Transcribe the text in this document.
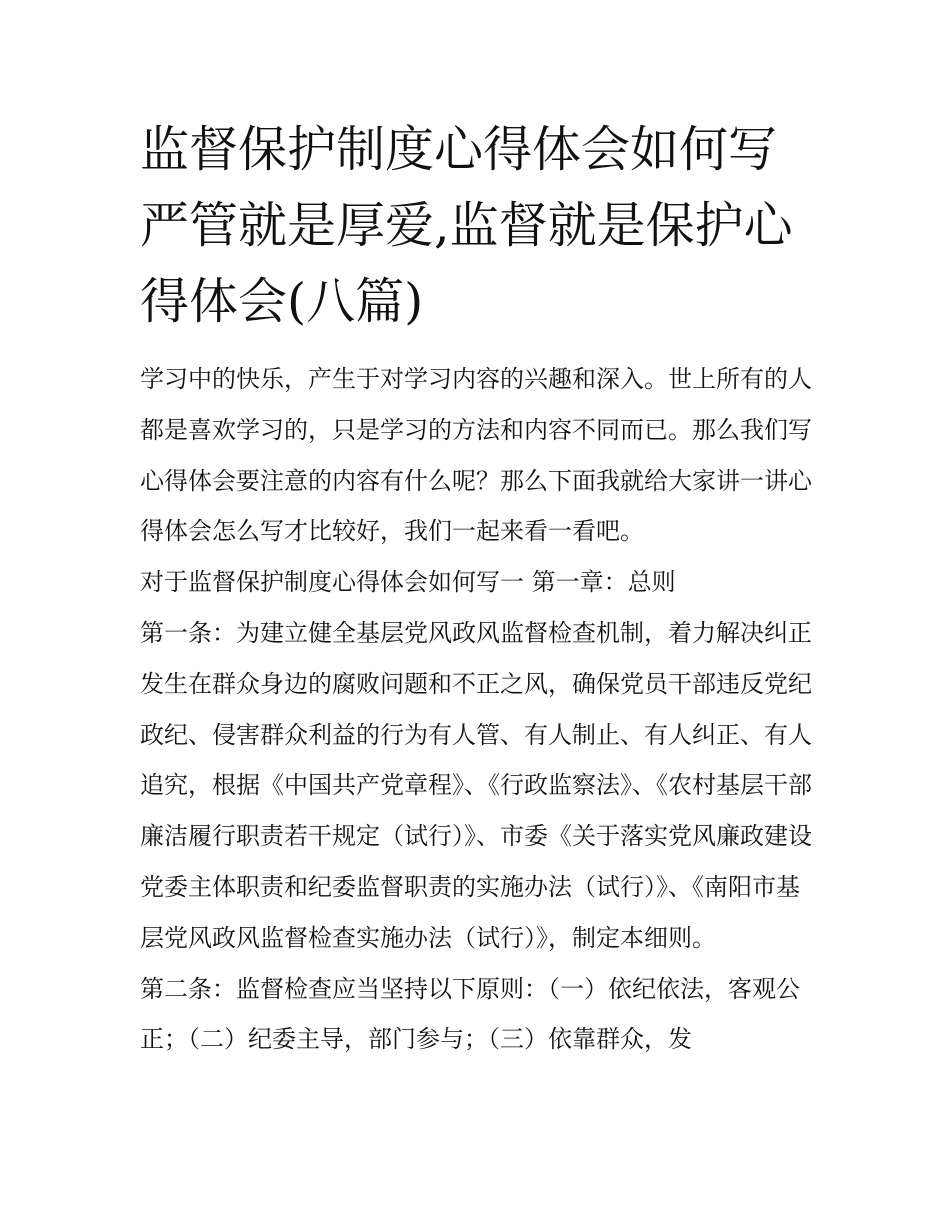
监督保护制度心得体会如何写严管就是厚爱,监督就是保护心得体会(八篇)

学习中的快乐，产生于对学习内容的兴趣和深入。世上所有的人都是喜欢学习的，只是学习的方法和内容不同而已。那么我们写心得体会要注意的内容有什么呢？那么下面我就给大家讲一讲心得体会怎么写才比较好，我们一起来看一看吧。

对于监督保护制度心得体会如何写一 第一章：总则

第一条：为建立健全基层党风政风监督检查机制，着力解决纠正发生在群众身边的腐败问题和不正之风，确保党员干部违反党纪政纪、侵害群众利益的行为有人管、有人制止、有人纠正、有人追究，根据《中国共产党章程》、《行政监察法》、《农村基层干部廉洁履行职责若干规定（试行）》、市委《关于落实党风廉政建设党委主体职责和纪委监督职责的实施办法（试行）》、《南阳市基层党风政风监督检查实施办法（试行）》，制定本细则。

第二条：监督检查应当坚持以下原则：（一）依纪依法，客观公正；（二）纪委主导，部门参与；（三）依靠群众，发
